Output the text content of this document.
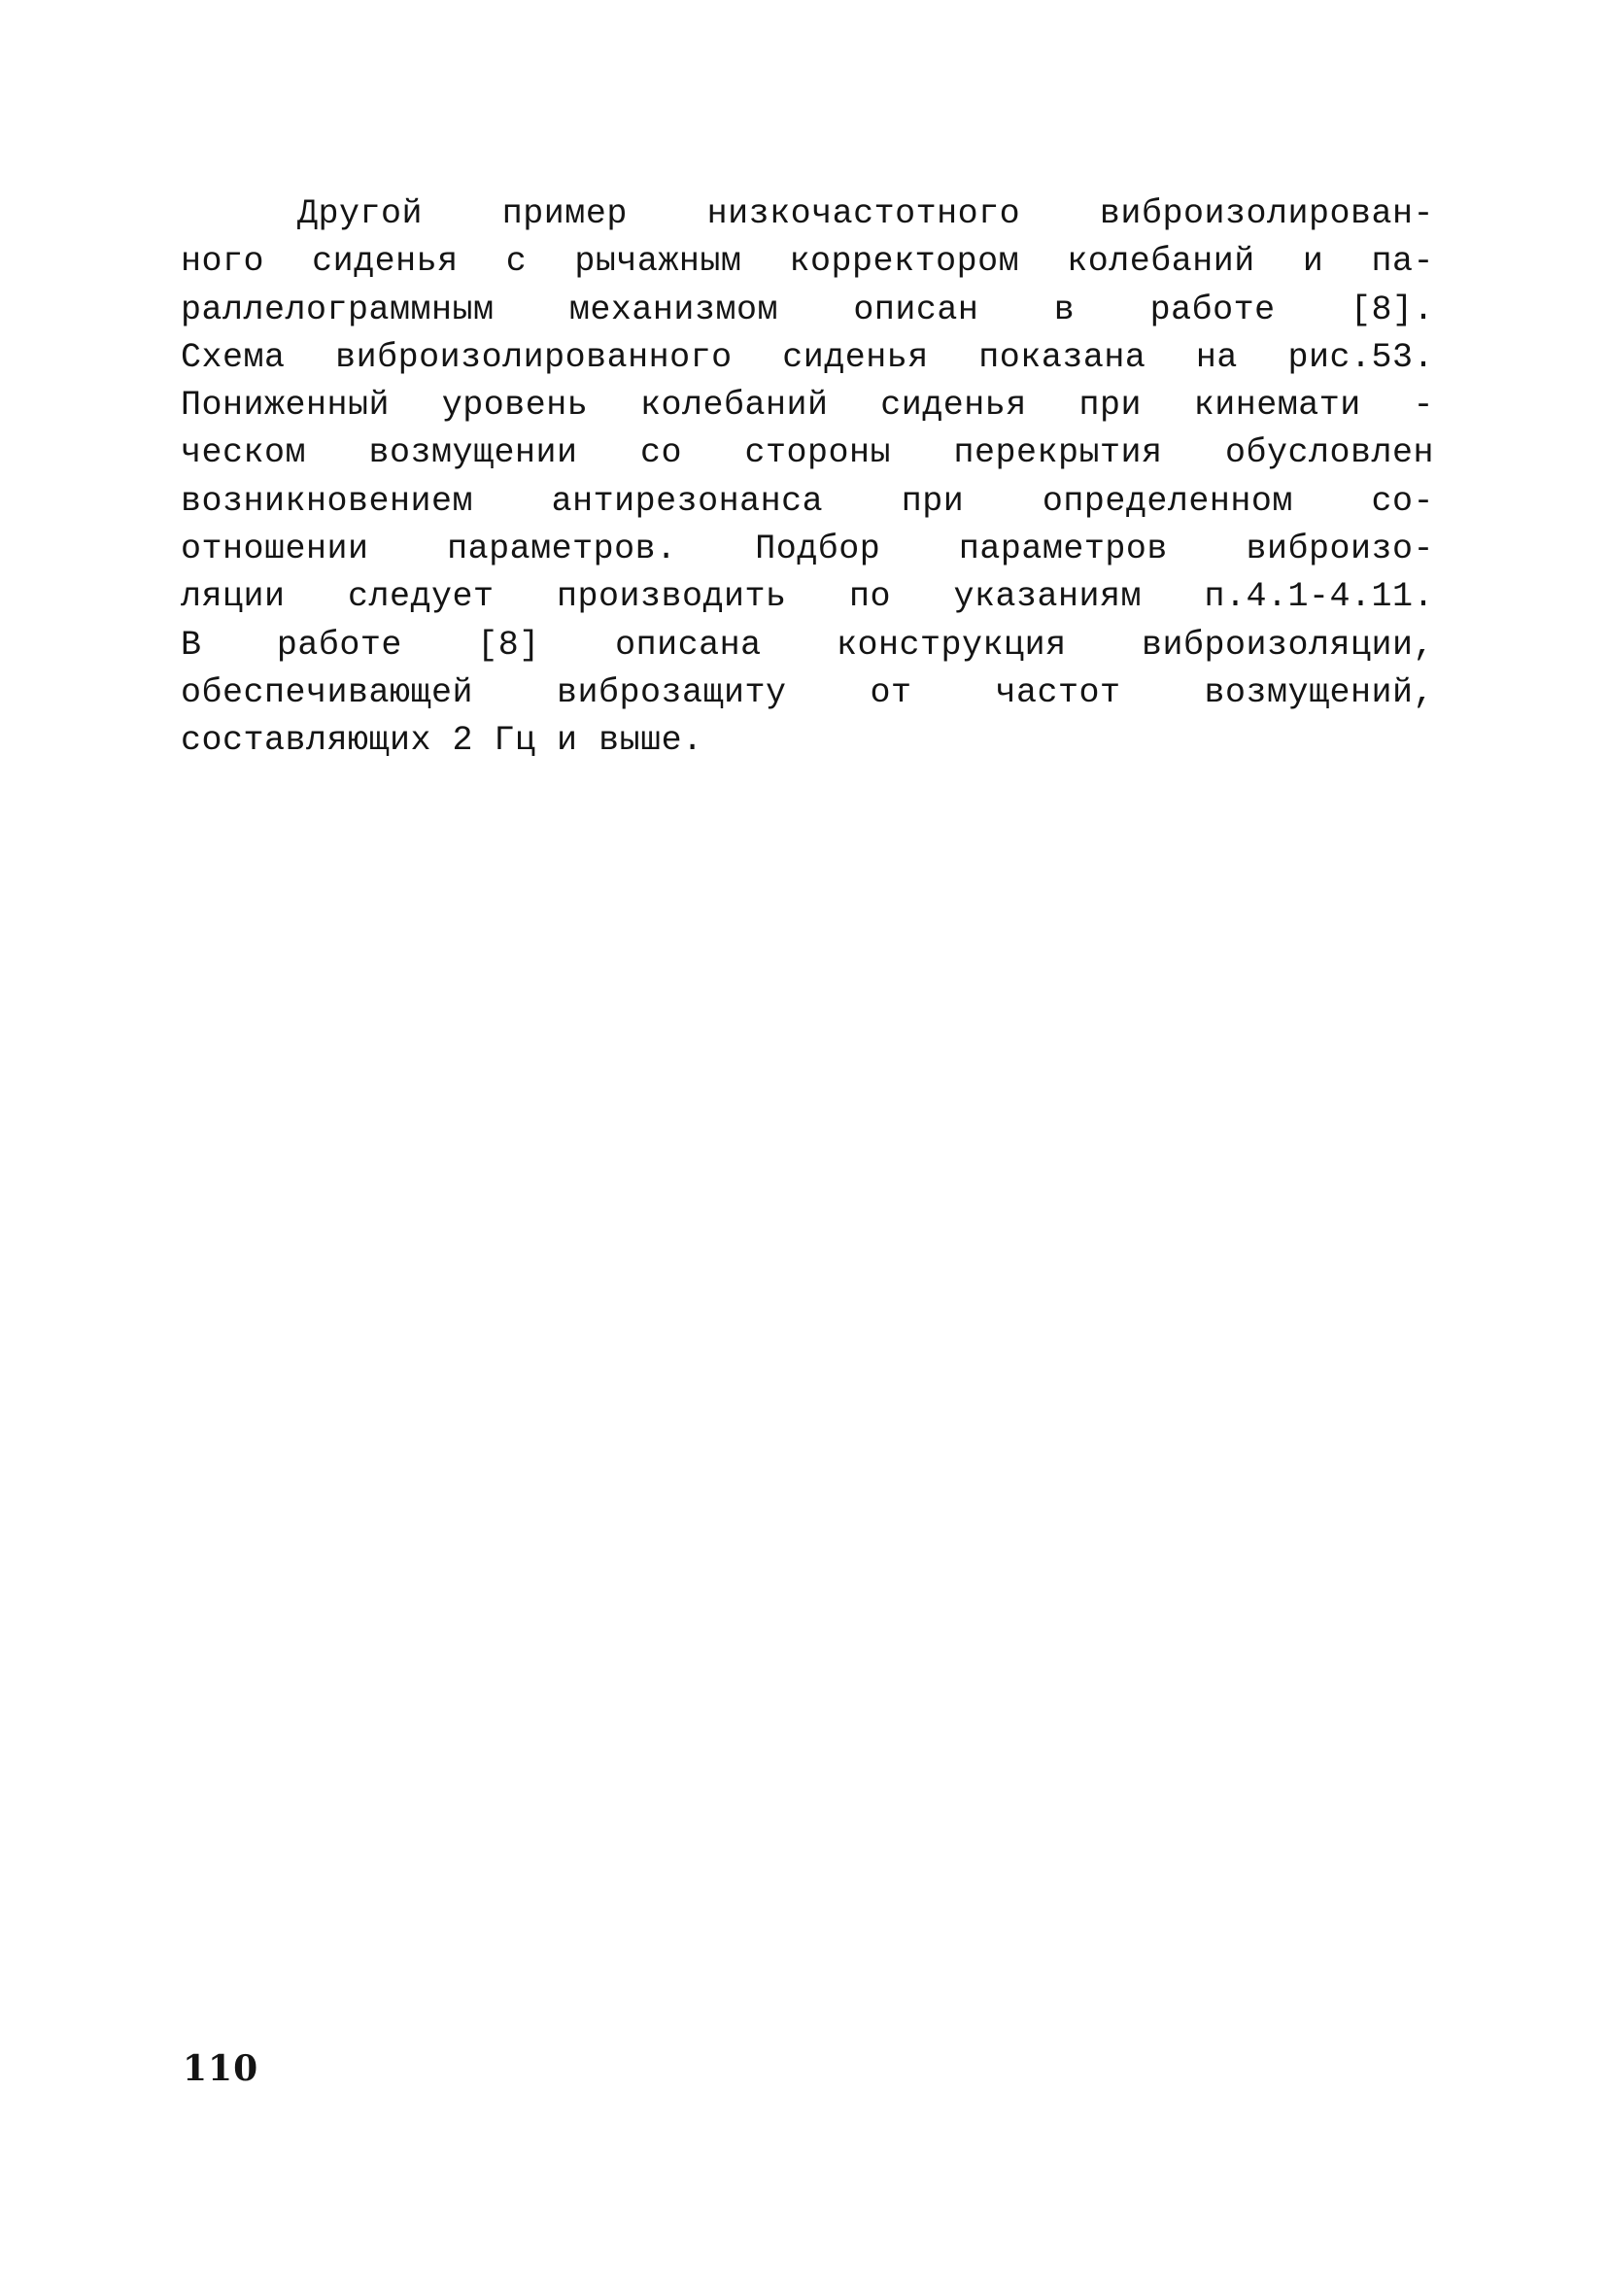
Другой пример низкочастотного виброизолирован-
ного сиденья с рычажным корректором колебаний и па-
раллелограммным механизмом описан в работе [8].
Схема виброизолированного сиденья показана на рис.53.
Пониженный уровень колебаний сиденья при кинемати -
ческом возмущении со стороны перекрытия обусловлен
возникновением антирезонанса при определенном со-
отношении параметров. Подбор параметров виброизо-
ляции следует производить по указаниям п.4.1-4.11.
В работе [8] описана конструкция виброизоляции,
обеспечивающей виброзащиту от частот возмущений,
составляющих 2 Гц и выше.
110
